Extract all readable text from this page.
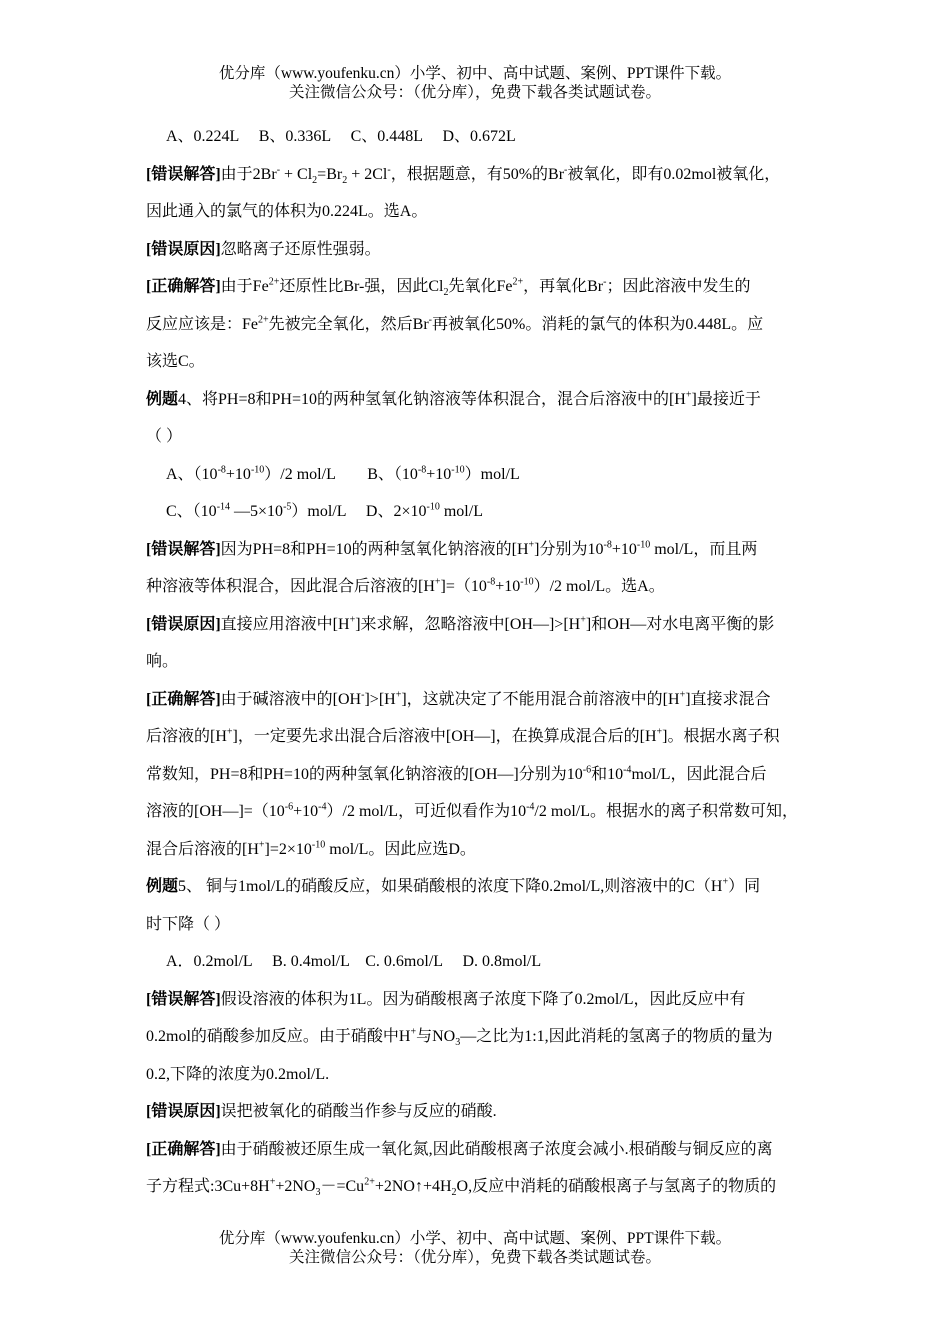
优分库（www.youfenku.cn）小学、初中、高中试题、案例、PPT课件下载。
关注微信公众号：（优分库），免费下载各类试题试卷。
A、0.224L　 B、0.336L　 C、0.448L　 D、0.672L
[错误解答]由于$2Br^- + Cl_2=Br_2 + 2Cl^-$，根据题意，有50%的Br-被氧化，即有0.02mol被氧化，
因此通入的氯气的体积为0.224L。选A。
[错误原因]忽略离子还原性强弱。
[正确解答]由于$Fe^{2+}$还原性比Br-强，因此$Cl_2$先氧化$Fe^{2+}$，再氧化Br-；因此溶液中发生的
反应应该是：$Fe^{2+}$先被完全氧化，然后Br-再被氧化50%。消耗的氯气的体积为0.448L。应
该选C。
例题4、将PH=8和PH=10的两种氢氧化钠溶液等体积混合，混合后溶液中的[H+]最接近于
（ ）
A、$(10^{-8}+10^{-10})/2$ mol/L　　B、$(10^{-8}+10^{-10})mol/L$
C、（$10^{-14}$ $—5\times 10^{-5})mol/L$　 D、$2\times 10^{-10}$ mol/L
[错误解答]因为PH=8和PH=10的两种氢氧化钠溶液的[H+]分别为$10^{-8}+10^{-10}$ mol/L，而且两
种溶液等体积混合，因此混合后溶液的$[H^+]=(10^{-8}+10^{-10})/2$ mol/L。选A。
[错误原因]直接应用溶液中[H+]来求解，忽略溶液中[OH—]>[H+]和OH—对水电离平衡的影
响。
[正确解答]由于碱溶液中的[OH-]>[H+]，这就决定了不能用混合前溶液中的[H+]直接求混合
后溶液的[H+]，一定要先求出混合后溶液中[OH—]，在换算成混合后的[H+]。根据水离子积
常数知，PH=8和PH=10的两种氢氧化钠溶液的[OH—]分别为$10^{-6}$和$10^{-4}mol/L$，因此混合后
溶液的$[OH—]=(10^{-6}+10^{-4})/2$ mol/L，可近似看作为$10^{-4}/2$ mol/L。根据水的离子积常数可知，
混合后溶液的$[H^+]=2\times 10^{-10}$ mol/L。因此应选D。
例题5、 铜与1mol/L的硝酸反应，如果硝酸根的浓度下降0.2mol/L,则溶液中的C（H+）同
时下降（ ）
A．0.2mol/L　 B. 0.4mol/L　C. 0.6mol/L　 D. 0.8mol/L
[错误解答]假设溶液的体积为1L。因为硝酸根离子浓度下降了0.2mol/L，因此反应中有
0.2mol的硝酸参加反应。由于硝酸中H+与$NO_3—$之比为1:1,因此消耗的氢离子的物质的量为
0.2,下降的浓度为0.2mol/L.
[错误原因]误把被氧化的硝酸当作参与反应的硝酸.
[正确解答]由于硝酸被还原生成一氧化氮,因此硝酸根离子浓度会减小.根硝酸与铜反应的离
子方程式$:3Cu+8H^++2NO_3-=Cu^{2+}+2NO↑+4H_2O$,反应中消耗的硝酸根离子与氢离子的物质的
优分库（www.youfenku.cn）小学、初中、高中试题、案例、PPT课件下载。
关注微信公众号：（优分库），免费下载各类试题试卷。
